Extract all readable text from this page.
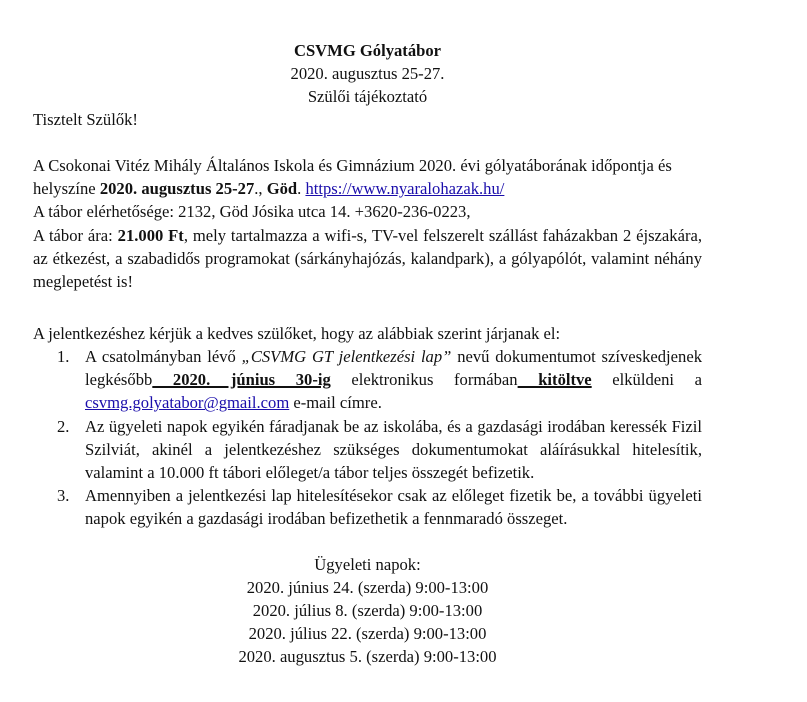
CSVMG Gólyatábor
2020. augusztus 25-27.
Szülői tájékoztató
Tisztelt Szülők!
A Csokonai Vitéz Mihály Általános Iskola és Gimnázium 2020. évi gólyatáborának időpontja és helyszíne 2020. augusztus 25-27., Göd. https://www.nyaralohazak.hu/
A tábor elérhetősége: 2132, Göd Jósika utca 14. +3620-236-0223,
A tábor ára: 21.000 Ft, mely tartalmazza a wifi-s, TV-vel felszerelt szállást faházakban 2 éjszakára, az étkezést, a szabadidős programokat (sárkányhajózás, kalandpark), a gólyapólót, valamint néhány meglepetést is!
A jelentkezéshez kérjük a kedves szülőket, hogy az alábbiak szerint járjanak el:
1. A csatolmányban lévő „CSVMG GT jelentkezési lap” nevű dokumentumot szíveskedjenek legkésőbb 2020. június 30-ig elektronikus formában kitöltve elküldeni a csvmg.golyatabor@gmail.com e-mail címre.
2. Az ügyeleti napok egyikén fáradjanak be az iskolába, és a gazdasági irodában keressék Fizil Szilviát, akinél a jelentkezéshez szükséges dokumentumokat aláírásukkal hitelesítik, valamint a 10.000 ft tábori előleget/a tábor teljes összegét befizetik.
3. Amennyiben a jelentkezési lap hitelesítésekor csak az előleget fizetik be, a további ügyeleti napok egyikén a gazdasági irodában befizethetik a fennmaradó összeget.
Ügyeleti napok:
2020. június 24. (szerda) 9:00-13:00
2020. július 8. (szerda) 9:00-13:00
2020. július 22. (szerda) 9:00-13:00
2020. augusztus 5. (szerda) 9:00-13:00
